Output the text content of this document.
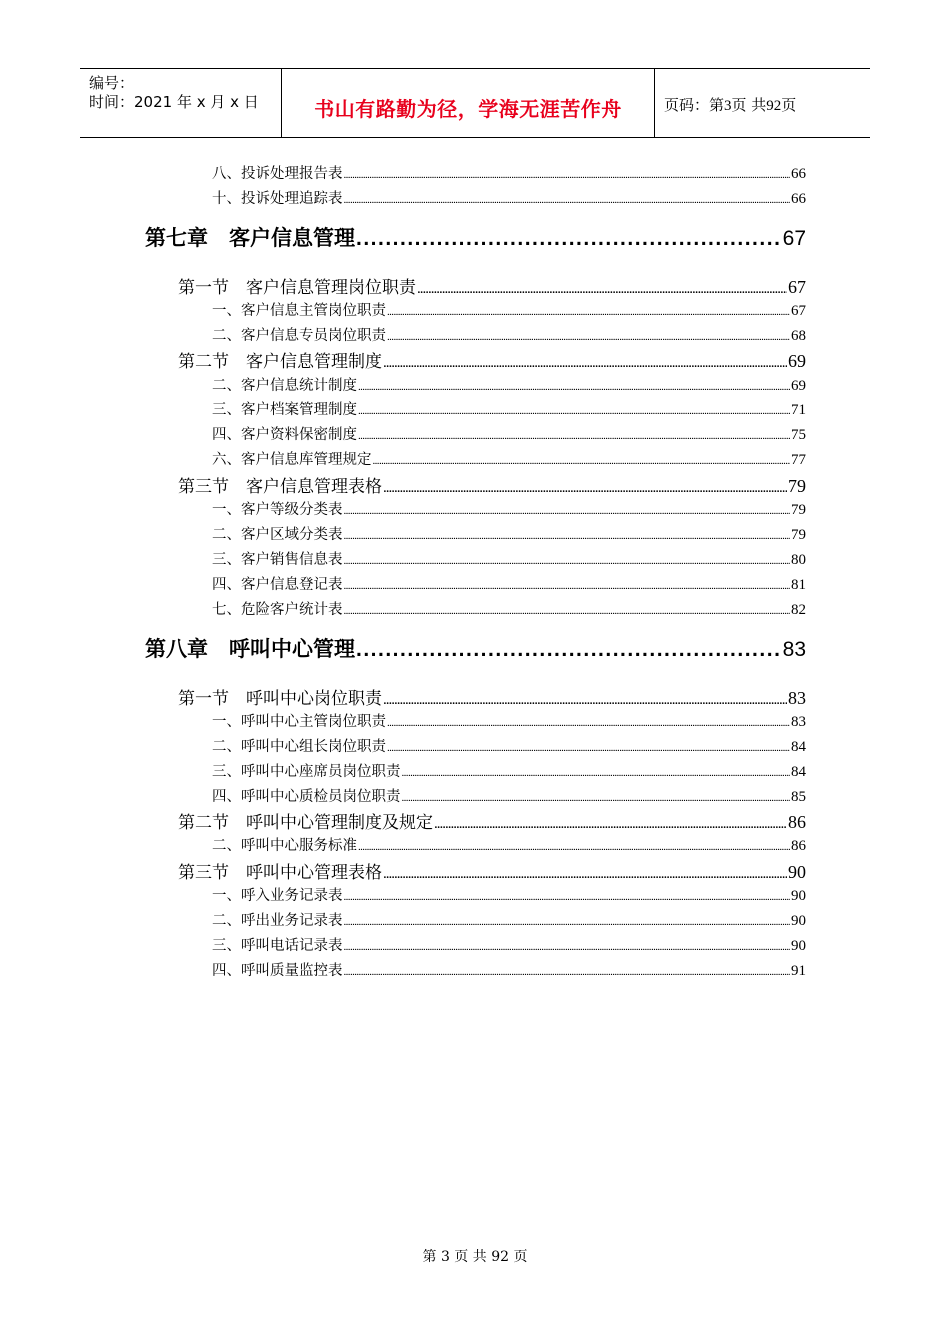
编号：
时间：2021 年 x 月 x 日	书山有路勤为径，学海无涯苦作舟	页码：第3页 共92页
八、投诉处理报告表 .....	66
十、投诉处理追踪表 .....	66
第七章　客户信息管理 .....	67
第一节　客户信息管理岗位职责 .....	67
一、客户信息主管岗位职责 .....	67
二、客户信息专员岗位职责 .....	68
第二节　客户信息管理制度 .....	69
二、客户信息统计制度 .....	69
三、客户档案管理制度 .....	71
四、客户资料保密制度 .....	75
六、客户信息库管理规定 .....	77
第三节　客户信息管理表格 .....	79
一、客户等级分类表 .....	79
二、客户区域分类表 .....	79
三、客户销售信息表 .....	80
四、客户信息登记表 .....	81
七、危险客户统计表 .....	82
第八章　呼叫中心管理 .....	83
第一节　呼叫中心岗位职责 .....	83
一、呼叫中心主管岗位职责 .....	83
二、呼叫中心组长岗位职责 .....	84
三、呼叫中心座席员岗位职责 .....	84
四、呼叫中心质检员岗位职责 .....	85
第二节　呼叫中心管理制度及规定 .....	86
二、呼叫中心服务标准 .....	86
第三节　呼叫中心管理表格 .....	90
一、呼入业务记录表 .....	90
二、呼出业务记录表 .....	90
三、呼叫电话记录表 .....	90
四、呼叫质量监控表 .....	91
第 3 页 共 92 页
